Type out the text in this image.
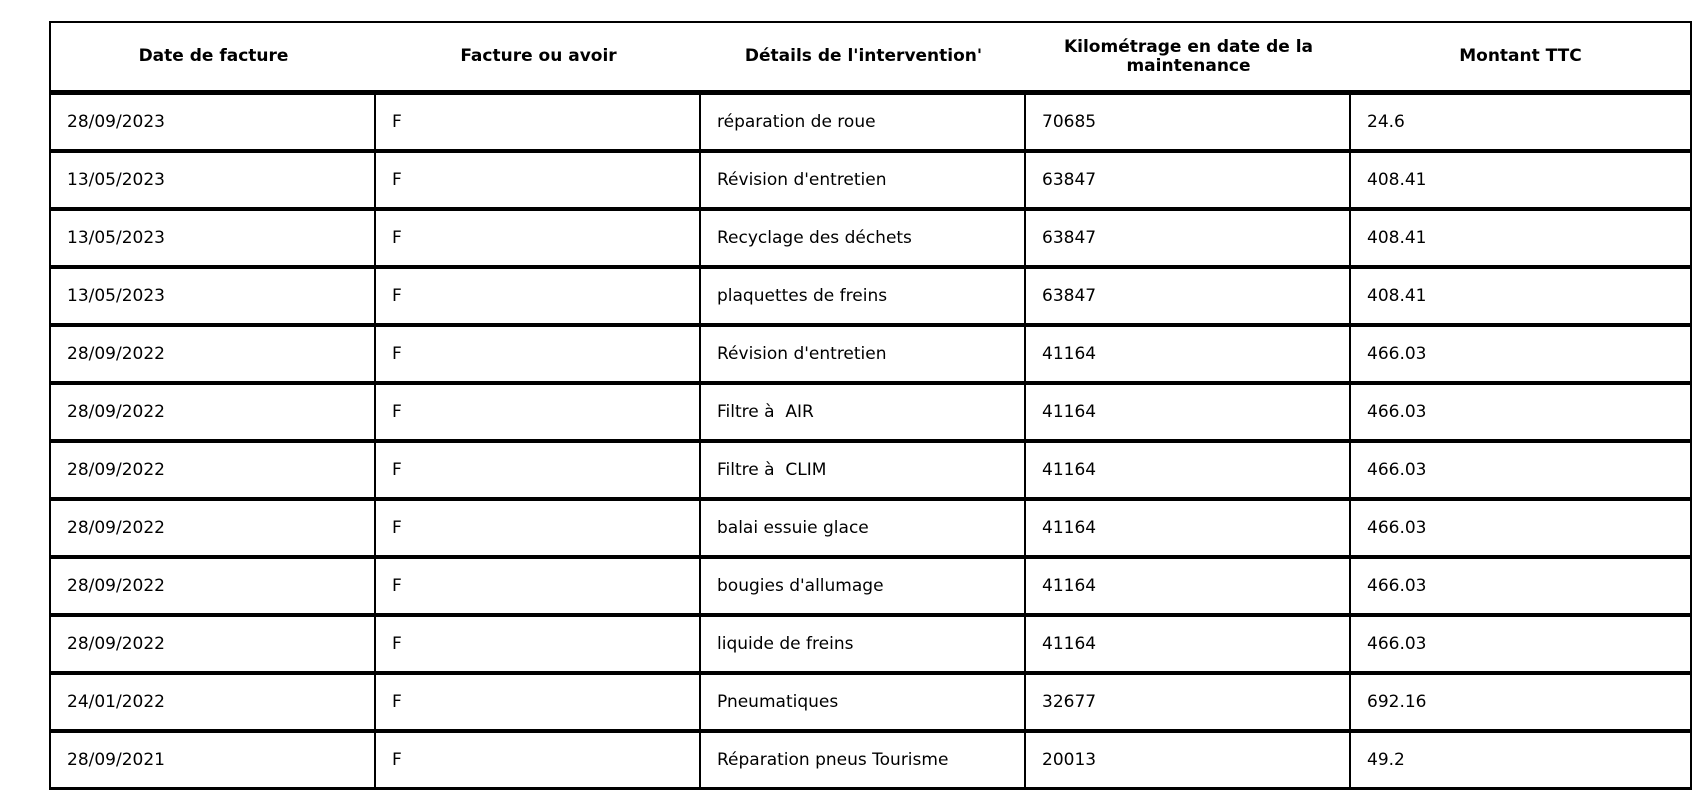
Date de facture	Facture ou avoir	Détails de l'intervention'	Kilométrage en date de la maintenance	Montant TTC
28/09/2023	F	réparation de roue	70685	24.6
13/05/2023	F	Révision d'entretien	63847	408.41
13/05/2023	F	Recyclage des déchets	63847	408.41
13/05/2023	F	plaquettes de freins	63847	408.41
28/09/2022	F	Révision d'entretien	41164	466.03
28/09/2022	F	Filtre à  AIR	41164	466.03
28/09/2022	F	Filtre à  CLIM	41164	466.03
28/09/2022	F	balai essuie glace	41164	466.03
28/09/2022	F	bougies d'allumage	41164	466.03
28/09/2022	F	liquide de freins	41164	466.03
24/01/2022	F	Pneumatiques	32677	692.16
28/09/2021	F	Réparation pneus Tourisme	20013	49.2
